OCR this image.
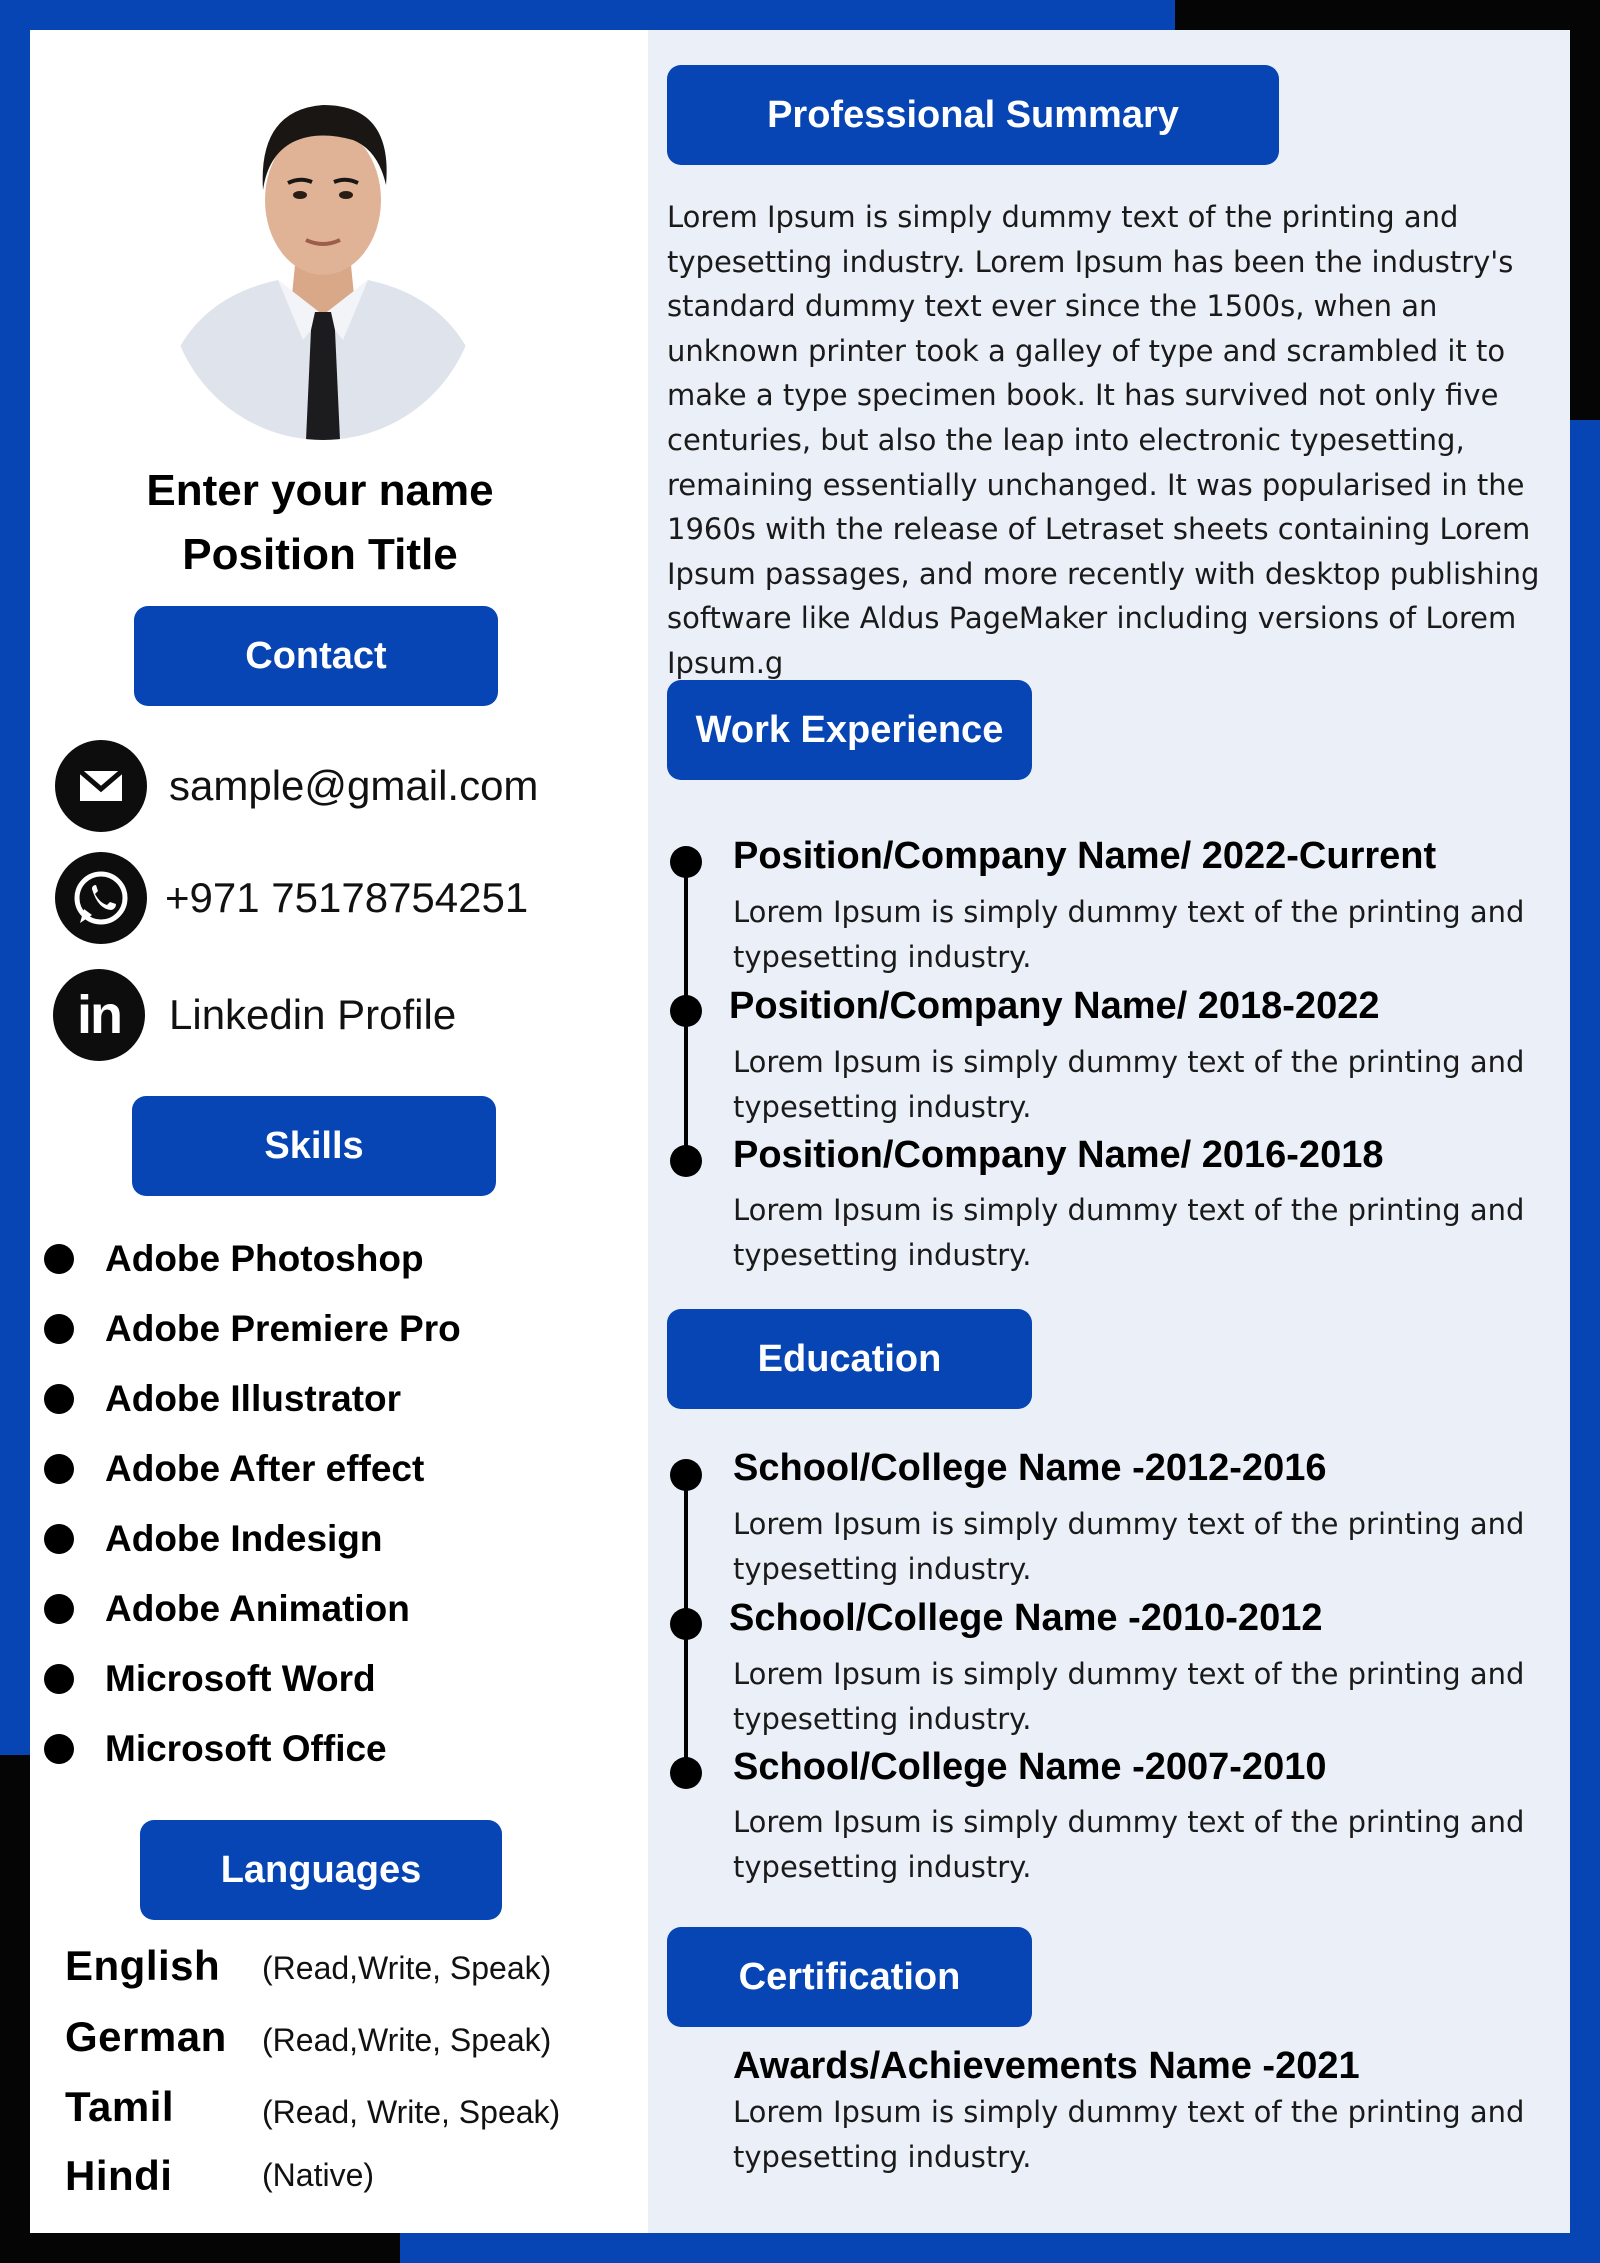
Enter your name
Position Title
Contact
sample@gmail.com
+971 75178754251
in Linkedin Profile
Skills
Adobe Photoshop
Adobe Premiere Pro
Adobe Illustrator
Adobe After effect
Adobe Indesign
Adobe Animation
Microsoft Word
Microsoft Office
Languages
English (Read,Write, Speak)
German (Read,Write, Speak)
Tamil	(Read, Write, Speak)
Hindi	(Native)
Professional Summary
Lorem Ipsum is simply dummy text of the printing and typesetting industry. Lorem Ipsum has been the industry's standard dummy text ever since the 1500s, when an unknown printer took a galley of type and scrambled it to make a type specimen book. It has survived not only five centuries, but also the leap into electronic typesetting, remaining essentially unchanged. It was popularised in the 1960s with the release of Letraset sheets containing Lorem Ipsum passages, and more recently with desktop publishing software like Aldus PageMaker including versions of Lorem Ipsum.g
Work Experience
Position/Company Name/ 2022-Current
Lorem Ipsum is simply dummy text of the printing and typesetting industry.
Position/Company Name/ 2018-2022
Lorem Ipsum is simply dummy text of the printing and typesetting industry.
Position/Company Name/ 2016-2018
Lorem Ipsum is simply dummy text of the printing and typesetting industry.
Education
School/College Name -2012-2016
Lorem Ipsum is simply dummy text of the printing and typesetting industry.
School/College Name -2010-2012
Lorem Ipsum is simply dummy text of the printing and typesetting industry.
School/College Name -2007-2010
Lorem Ipsum is simply dummy text of the printing and typesetting industry.
Certification
Awards/Achievements Name -2021
Lorem Ipsum is simply dummy text of the printing and typesetting industry.
